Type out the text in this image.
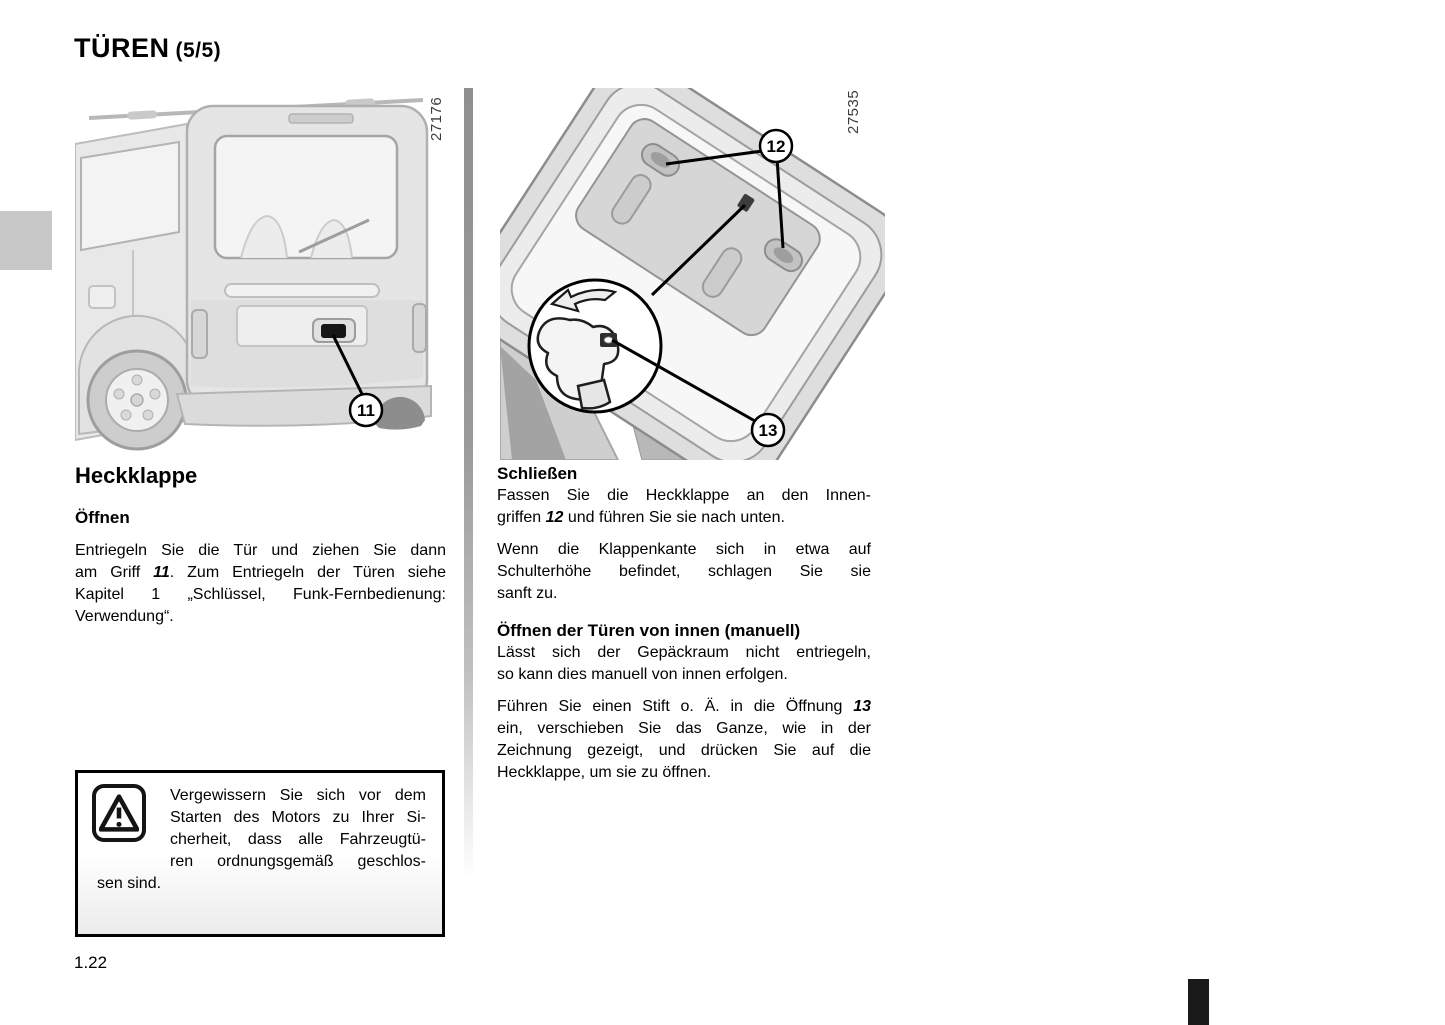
TÜREN (5/5)
11
27176
12
13
27535
Heckklappe
Öffnen
Entriegeln Sie die Tür und ziehen Sie dann
am Griff 11. Zum Entriegeln der Türen siehe
Kapitel 1 „Schlüssel, Funk-Fernbedienung:
Verwendung“.
Vergewissern Sie sich vor dem
Starten des Motors zu Ihrer Si-
cherheit, dass alle Fahrzeugtü-
ren ordnungsgemäß geschlos-
sen sind.
Schließen
Fassen Sie die Heckklappe an den Innen-
griffen 12 und führen Sie sie nach unten.
Wenn die Klappenkante sich in etwa auf
Schulterhöhe befindet, schlagen Sie sie
sanft zu.
Öffnen der Türen von innen (manuell)
Lässt sich der Gepäckraum nicht entriegeln,
so kann dies manuell von innen erfolgen.
Führen Sie einen Stift o. Ä. in die Öffnung 13
ein, verschieben Sie das Ganze, wie in der
Zeichnung gezeigt, und drücken Sie auf die
Heckklappe, um sie zu öffnen.
1.22
